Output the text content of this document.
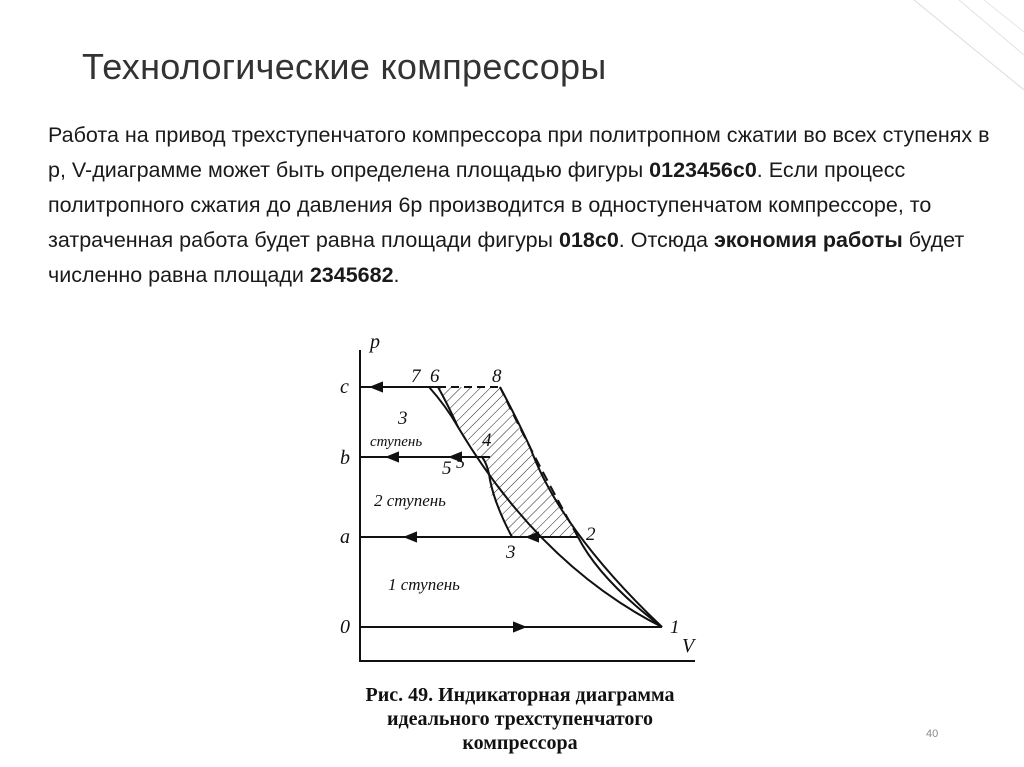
Технологические компрессоры

Работа на привод трехступенчатого компрессора при политропном сжатии во всех ступенях в р, V-диаграмме может быть определена площадью фигуры 0123456с0. Если процесс политропного сжатия до давления 6р производится в одноступенчатом компрессоре, то затраченная работа будет равна площади фигуры 018с0. Отсюда экономия работы будет численно равна площади 2345682.

p
V
c
b
a
0	1
2
3
4
5
6
7	8
3
5
ступень
2 ступень
1 ступень

Рис. 49. Индикаторная диаграмма
идеального трехступенчатого
компрессора	40
